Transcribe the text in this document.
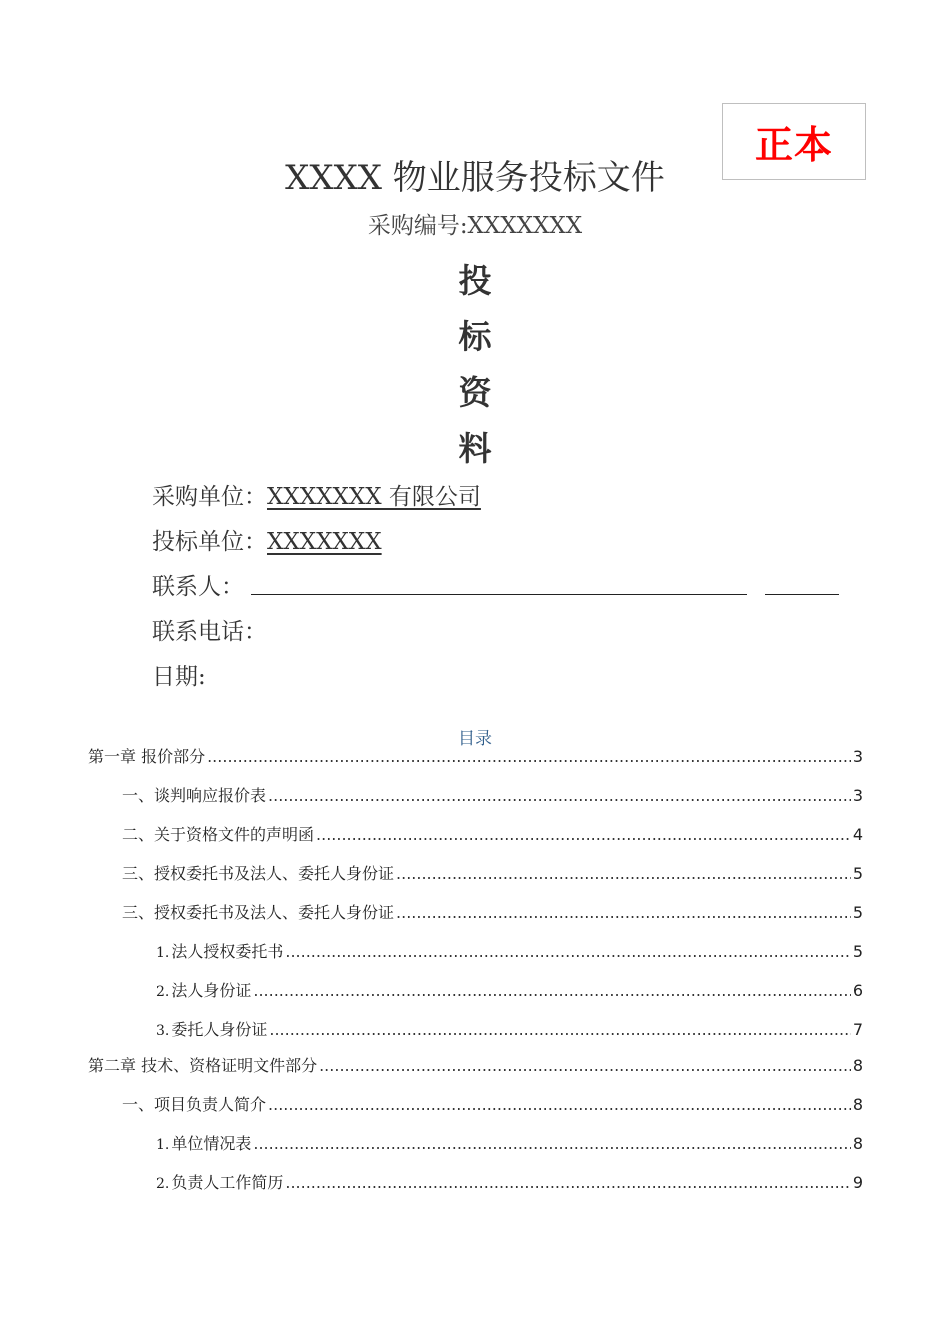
正本
XXXX 物业服务投标文件
采购编号:XXXXXXX
投
标
资
料
采购单位：XXXXXXX 有限公司
投标单位：XXXXXXX
联系人：
联系电话：
日期:
目录
第一章 报价部分 .....	3
一、谈判响应报价表 .....	3
二、关于资格文件的声明函 .....	4
三、授权委托书及法人、委托人身份证 .....	5
三、授权委托书及法人、委托人身份证 .....	5
1. 法人授权委托书 .....	5
2. 法人身份证 .....	6
3. 委托人身份证 .....	7
第二章 技术、资格证明文件部分 .....	8
一、项目负责人简介 .....	8
1. 单位情况表 .....	8
2. 负责人工作简历 .....	9
